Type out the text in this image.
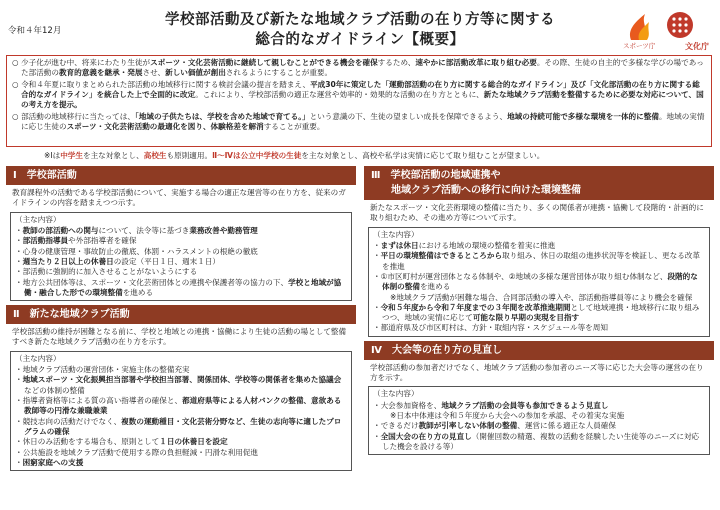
令和４年12月
学校部活動及び新たな地域クラブ活動の在り方等に関する
総合的なガイドライン【概要】	スポーツ庁	文化庁

○ 少子化が進む中、将来にわたり生徒がスポーツ・文化芸術活動に継続して親しむことができる機会を確保するため、速やかに部活動改革に取り組む必要。その際、生徒の自主的で多様な学びの場であった部活動の教育的意義を継承・発展させ、新しい価値が創出されるようにすることが重要。

○ 令和４年夏に取りまとめられた部活動の地域移行に関する検討会議の提言を踏まえ、平成30年に策定した「運動部活動の在り方に関する総合的なガイドライン」及び「文化部活動の在り方に関する総合的なガイドライン」を統合した上で全面的に改定。これにより、学校部活動の適正な運営や効率的・効果的な活動の在り方とともに、新たな地域クラブ活動を整備するために必要な対応について、国の考え方を提示。

○ 部活動の地域移行に当たっては、「地域の子供たちは、学校を含めた地域で育てる。」という意識の下、生徒の望ましい成長を保障できるよう、地域の持続可能で多様な環境を一体的に整備。地域の実情に応じ生徒のスポーツ・文化芸術活動の最適化を図り、体験格差を解消することが重要。

※Ⅰは中学生を主な対象とし、高校生も原則適用。Ⅱ～Ⅳは公立中学校の生徒を主な対象とし、高校や私学は実情に応じて取り組むことが望ましい。
Ⅰ　学校部活動
教育課程外の活動である学校部活動について、実施する場合の適正な運営等の在り方を、従来のガイドラインの内容を踏まえつつ示す。
（主な内容）
・教師の部活動への関与について、法令等に基づき業務改善や勤務管理
・部活動指導員や外部指導者を確保
・心身の健康管理・事故防止の徹底、体罰・ハラスメントの根絶の徹底
・週当たり２日以上の休養日の設定（平日１日、週末１日）
・部活動に強制的に加入させることがないようにする
・地方公共団体等は、スポーツ・文化芸術団体との連携や保護者等の協力の下、学校と地域が協働・融合した形での環境整備を進める
Ⅱ　新たな地域クラブ活動
学校部活動の維持が困難となる前に、学校と地域との連携・協働により生徒の活動の場として整備すべき新たな地域クラブ活動の在り方を示す。
（主な内容）
・地域クラブ活動の運営団体・実施主体の整備充実
・地域スポーツ・文化振興担当部署や学校担当部署、関係団体、学校等の関係者を集めた協議会などの体制の整備
・指導者資格等による質の高い指導者の確保と、都道府県等による人材バンクの整備、意欲ある教師等の円滑な兼職兼業
・競技志向の活動だけでなく、複数の運動種目・文化芸術分野など、生徒の志向等に適したプログラムの確保
・休日のみ活動をする場合も、原則として１日の休養日を設定
・公共施設を地域クラブ活動で使用する際の負担軽減・円滑な利用促進
・困窮家庭への支援
Ⅲ　学校部活動の地域連携や
　　地域クラブ活動への移行に向けた環境整備
新たなスポーツ・文化芸術環境の整備に当たり、多くの関係者が連携・協働して段階的・計画的に取り組むため、その進め方等について示す。
（主な内容）
・まずは休日における地域の環境の整備を着実に推進
・平日の環境整備はできるところから取り組み、休日の取組の進捗状況等を検証し、更なる改革を推進
・①市区町村が運営団体となる体制や、②地域の多様な運営団体が取り組む体制など、段階的な体制の整備を進める
※地域クラブ活動が困難な場合、合同部活動の導入や、部活動指導員等により機会を確保
・令和５年度から令和７年度までの３年間を改革推進期間として地域連携・地域移行に取り組みつつ、地域の実情に応じて可能な限り早期の実現を目指す
・都道府県及び市区町村は、方針・取組内容・スケジュール等を周知
Ⅳ　大会等の在り方の見直し
学校部活動の参加者だけでなく、地域クラブ活動の参加者のニーズ等に応じた大会等の運営の在り方を示す。
（主な内容）
・大会参加資格を、地域クラブ活動の会員等も参加できるよう見直し
※日本中体連は令和５年度から大会への参加を承認、その着実な実施
・できるだけ教師が引率しない体制の整備、運営に係る適正な人員確保
・全国大会の在り方の見直し（開催回数の精選、複数の活動を経験したい生徒等のニーズに対応した機会を設ける等）
